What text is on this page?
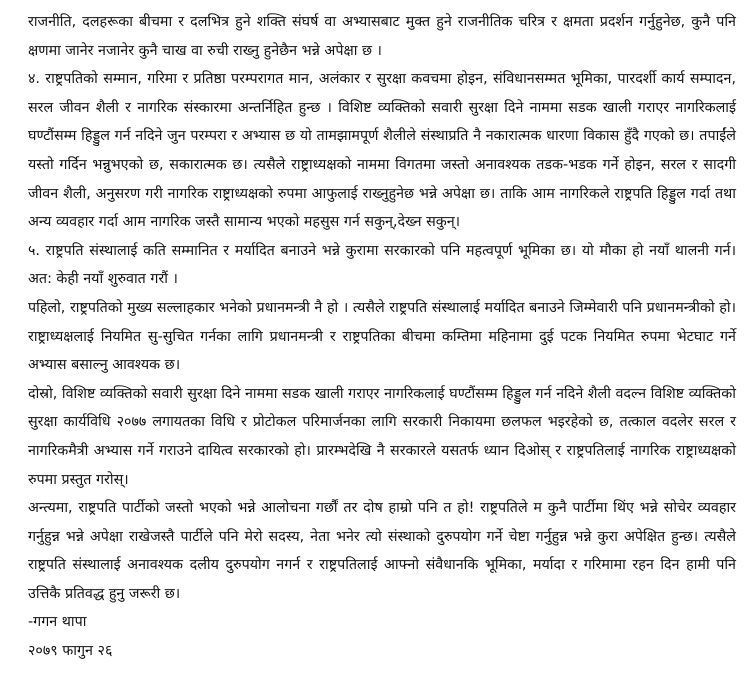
राजनीति, दलहरूका बीचमा र दलभित्र हुने शक्ति संघर्ष वा अभ्यासबाट मुक्त हुने राजनीतिक चरित्र र क्षमता प्रदर्शन गर्नुहुनेछ, कुनै पनि क्षणमा जानेर नजानेर कुनै चाख वा रुची राख्नु हुनेछैन भन्ने अपेक्षा छ ।

४. राष्ट्रपतिको सम्मान, गरिमा र प्रतिष्ठा परम्परागत मान, अलंकार र सुरक्षा कवचमा होइन, संविधानसम्मत भूमिका, पारदर्शी कार्य सम्पादन, सरल जीवन शैली र नागरिक संस्कारमा अन्तर्निहित हुन्छ । विशिष्ट व्यक्तिको सवारी सुरक्षा दिने नाममा सडक खाली गराएर नागरिकलाई घण्टौंसम्म हिड्डुल गर्न नदिने जुन परम्परा र अभ्यास छ यो तामझामपूर्ण शैलीले संस्थाप्रति नै नकारात्मक धारणा विकास हुँदै गएको छ। तपाईंले यस्तो गर्दिन भन्नुभएको छ, सकारात्मक छ। त्यसैले राष्ट्राध्यक्षको नाममा विगतमा जस्तो अनावश्यक तडक-भडक गर्ने होइन, सरल र सादगी जीवन शैली, अनुसरण गरी नागरिक राष्ट्राध्यक्षको रुपमा आफुलाई राख्नुहुनेछ भन्ने अपेक्षा छ। ताकि आम नागरिकले राष्ट्रपति हिड्डुल गर्दा तथा अन्य व्यवहार गर्दा आम नागरिक जस्तै सामान्य भएको महसुस गर्न सकुन्,देख्न सकुन्।

५. राष्ट्रपति संस्थालाई कति सम्मानित र मर्यादित बनाउने भन्ने कुरामा सरकारको पनि महत्वपूर्ण भूमिका छ। यो मौका हो नयाँ थालनी गर्न। अत: केही नयाँ शुरुवात गरौं ।

पहिलो, राष्ट्रपतिको मुख्य सल्लाहकार भनेको प्रधानमन्त्री नै हो । त्यसैले राष्ट्रपति संस्थालाई मर्यादित बनाउने जिम्मेवारी पनि प्रधानमन्त्रीको हो। राष्ट्राध्यक्षलाई नियमित सु-सुचित गर्नका लागि प्रधानमन्त्री र राष्ट्रपतिका बीचमा कम्तिमा महिनामा दुई पटक नियमित रुपमा भेटघाट गर्ने अभ्यास बसाल्नु आवश्यक छ।

दोस्रो, विशिष्ट व्यक्तिको सवारी सुरक्षा दिने नाममा सडक खाली गराएर नागरिकलाई घण्टौंसम्म हिड्डुल गर्न नदिने शैली वदल्न विशिष्ट व्यक्तिको सुरक्षा कार्यविधि २०७७ लगायतका विधि र प्रोटोकल परिमार्जनका लागि सरकारी निकायमा छलफल भइरहेको छ, तत्काल वदलेर सरल र नागरिकमैत्री अभ्यास गर्ने गराउने दायित्व सरकारको हो। प्रारम्भदेखि नै सरकारले यसतर्फ ध्यान दिओस् र राष्ट्रपतिलाई नागरिक राष्ट्राध्यक्षको रुपमा प्रस्तुत गरोस्।

अन्त्यमा, राष्ट्रपति पार्टीको जस्तो भएको भन्ने आलोचना गर्छौं तर दोष हाम्रो पनि त हो! राष्ट्रपतिले म कुनै पार्टीमा थिंए भन्ने सोचेर व्यवहार गर्नुहुन्न भन्ने अपेक्षा राखेजस्तै पार्टीले पनि मेरो सदस्य, नेता भनेर त्यो संस्थाको दुरुपयोग गर्ने चेष्टा गर्नुहुन्न भन्ने कुरा अपेक्षित हुन्छ। त्यसैले राष्ट्रपति संस्थालाई अनावश्यक दलीय दुरुपयोग नगर्न र राष्ट्रपतिलाई आफ्नो संवैधानकि भूमिका, मर्यादा र गरिमामा रहन दिन हामी पनि उत्तिकै प्रतिवद्ध हुनु जरूरी छ।

-गगन थापा

२०७९ फागुन २६
